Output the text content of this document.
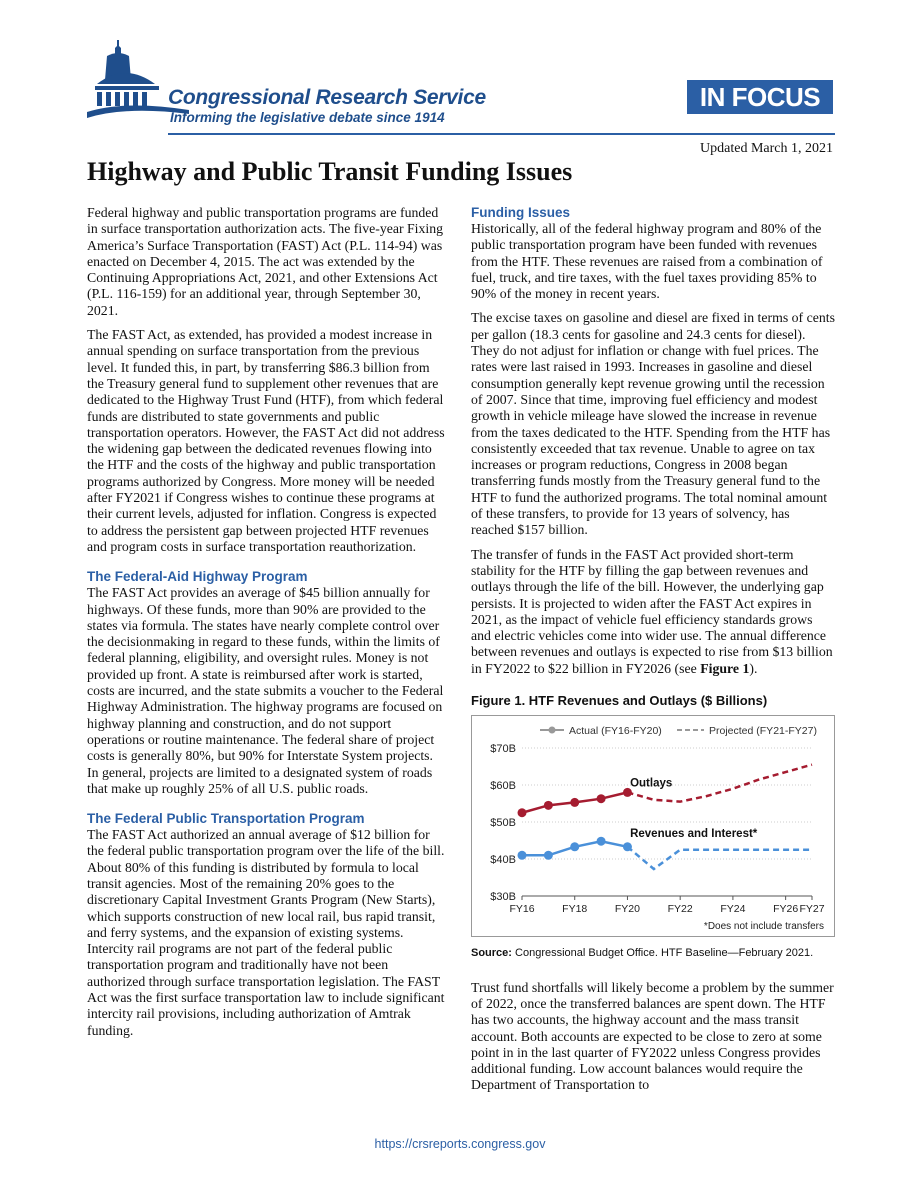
Congressional Research Service
Informing the legislative debate since 1914
IN FOCUS
Updated March 1, 2021
Highway and Public Transit Funding Issues

Federal highway and public transportation programs are funded in surface transportation authorization acts. The five-year Fixing America’s Surface Transportation (FAST) Act (P.L. 114-94) was enacted on December 4, 2015. The act was extended by the Continuing Appropriations Act, 2021, and other Extensions Act (P.L. 116-159) for an additional year, through September 30, 2021.

The FAST Act, as extended, has provided a modest increase in annual spending on surface transportation from the previous level. It funded this, in part, by transferring $86.3 billion from the Treasury general fund to supplement other revenues that are dedicated to the Highway Trust Fund (HTF), from which federal funds are distributed to state governments and public transportation operators. However, the FAST Act did not address the widening gap between the dedicated revenues flowing into the HTF and the costs of the highway and public transportation programs authorized by Congress. More money will be needed after FY2021 if Congress wishes to continue these programs at their current levels, adjusted for inflation. Congress is expected to address the persistent gap between projected HTF revenues and program costs in surface transportation reauthorization.

The Federal-Aid Highway Program

The FAST Act provides an average of $45 billion annually for highways. Of these funds, more than 90% are provided to the states via formula. The states have nearly complete control over the decisionmaking in regard to these funds, within the limits of federal planning, eligibility, and oversight rules. Money is not provided up front. A state is reimbursed after work is started, costs are incurred, and the state submits a voucher to the Federal Highway Administration. The highway programs are focused on highway planning and construction, and do not support operations or routine maintenance. The federal share of project costs is generally 80%, but 90% for Interstate System projects. In general, projects are limited to a designated system of roads that make up roughly 25% of all U.S. public roads.

The Federal Public Transportation Program

The FAST Act authorized an annual average of $12 billion for the federal public transportation program over the life of the bill. About 80% of this funding is distributed by formula to local transit agencies. Most of the remaining 20% goes to the discretionary Capital Investment Grants Program (New Starts), which supports construction of new local rail, bus rapid transit, and ferry systems, and the expansion of existing systems. Intercity rail programs are not part of the federal public transportation program and traditionally have not been authorized through surface transportation legislation. The FAST Act was the first surface transportation law to include significant intercity rail provisions, including authorization of Amtrak funding.

Funding Issues

Historically, all of the federal highway program and 80% of the public transportation program have been funded with revenues from the HTF. These revenues are raised from a combination of fuel, truck, and tire taxes, with the fuel taxes providing 85% to 90% of the money in recent years.

The excise taxes on gasoline and diesel are fixed in terms of cents per gallon (18.3 cents for gasoline and 24.3 cents for diesel). They do not adjust for inflation or change with fuel prices. The rates were last raised in 1993. Increases in gasoline and diesel consumption generally kept revenue growing until the recession of 2007. Since that time, improving fuel efficiency and modest growth in vehicle mileage have slowed the increase in revenue from the taxes dedicated to the HTF. Spending from the HTF has consistently exceeded that tax revenue. Unable to agree on tax increases or program reductions, Congress in 2008 began transferring funds mostly from the Treasury general fund to the HTF to fund the authorized programs. The total nominal amount of these transfers, to provide for 13 years of solvency, has reached $157 billion.

The transfer of funds in the FAST Act provided short-term stability for the HTF by filling the gap between revenues and outlays through the life of the bill. However, the underlying gap persists. It is projected to widen after the FAST Act expires in 2021, as the impact of vehicle fuel efficiency standards grows and electric vehicles come into wider use. The annual difference between revenues and outlays is expected to rise from $13 billion in FY2022 to $22 billion in FY2026 (see Figure 1).

Figure 1. HTF Revenues and Outlays ($ Billions)
$30B
$40B
$50B
$60B
$70B
FY16	FY18	FY20	FY22	FY24	FY26 FY27
Actual (FY16-FY20)	Projected (FY21-FY27)
Outlays
Revenues and Interest*
*Does not include transfers
Source: Congressional Budget Office. HTF Baseline—February 2021.

Trust fund shortfalls will likely become a problem by the summer of 2022, once the transferred balances are spent down. The HTF has two accounts, the highway account and the mass transit account. Both accounts are expected to be close to zero at some point in in the last quarter of FY2022 unless Congress provides additional funding. Low account balances would require the Department of Transportation to

https://crsreports.congress.gov
